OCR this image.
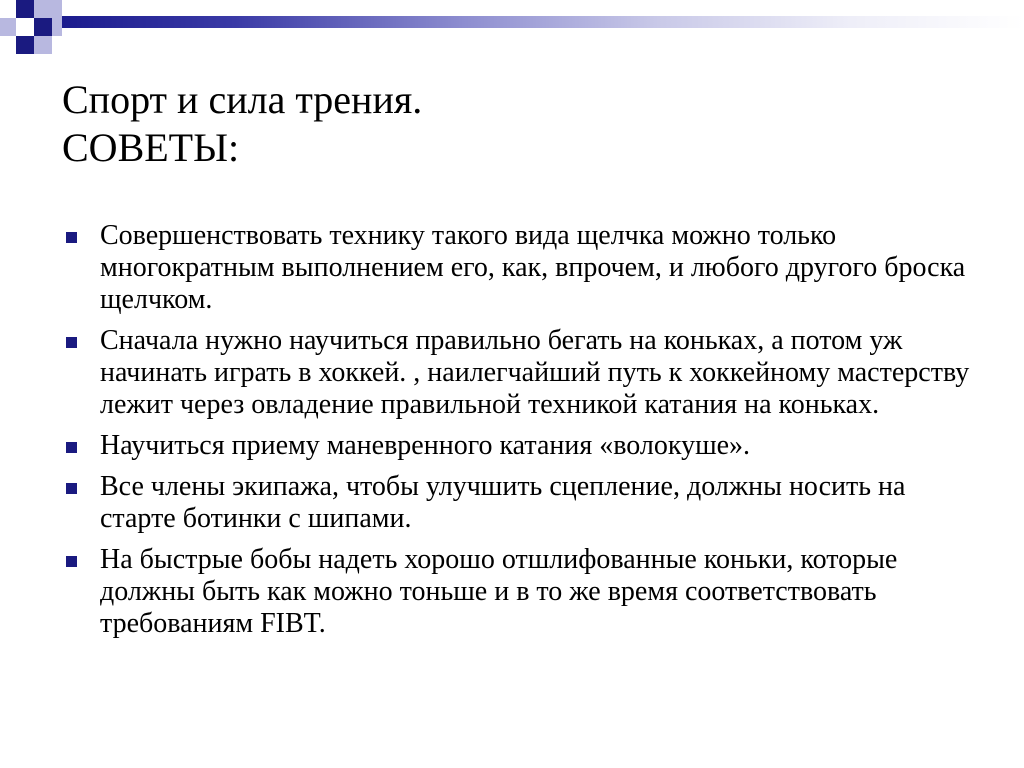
Спорт и сила трения.
СОВЕТЫ:
Совершенствовать технику такого вида щелчка можно только многократным выполнением его, как, впрочем, и любого другого броска щелчком.
Сначала нужно научиться правильно бегать на коньках, а потом уж начинать играть в хоккей. , наилегчайший путь к хоккейному мастерству лежит через овладение правильной техникой катания на коньках.
Научиться приему маневренного катания «волокуше».
Все члены экипажа, чтобы улучшить сцепление, должны носить на старте ботинки с шипами.
На быстрые бобы надеть хорошо отшлифованные коньки, которые должны быть как можно тоньше и в то же время соответствовать требованиям FIBT.
